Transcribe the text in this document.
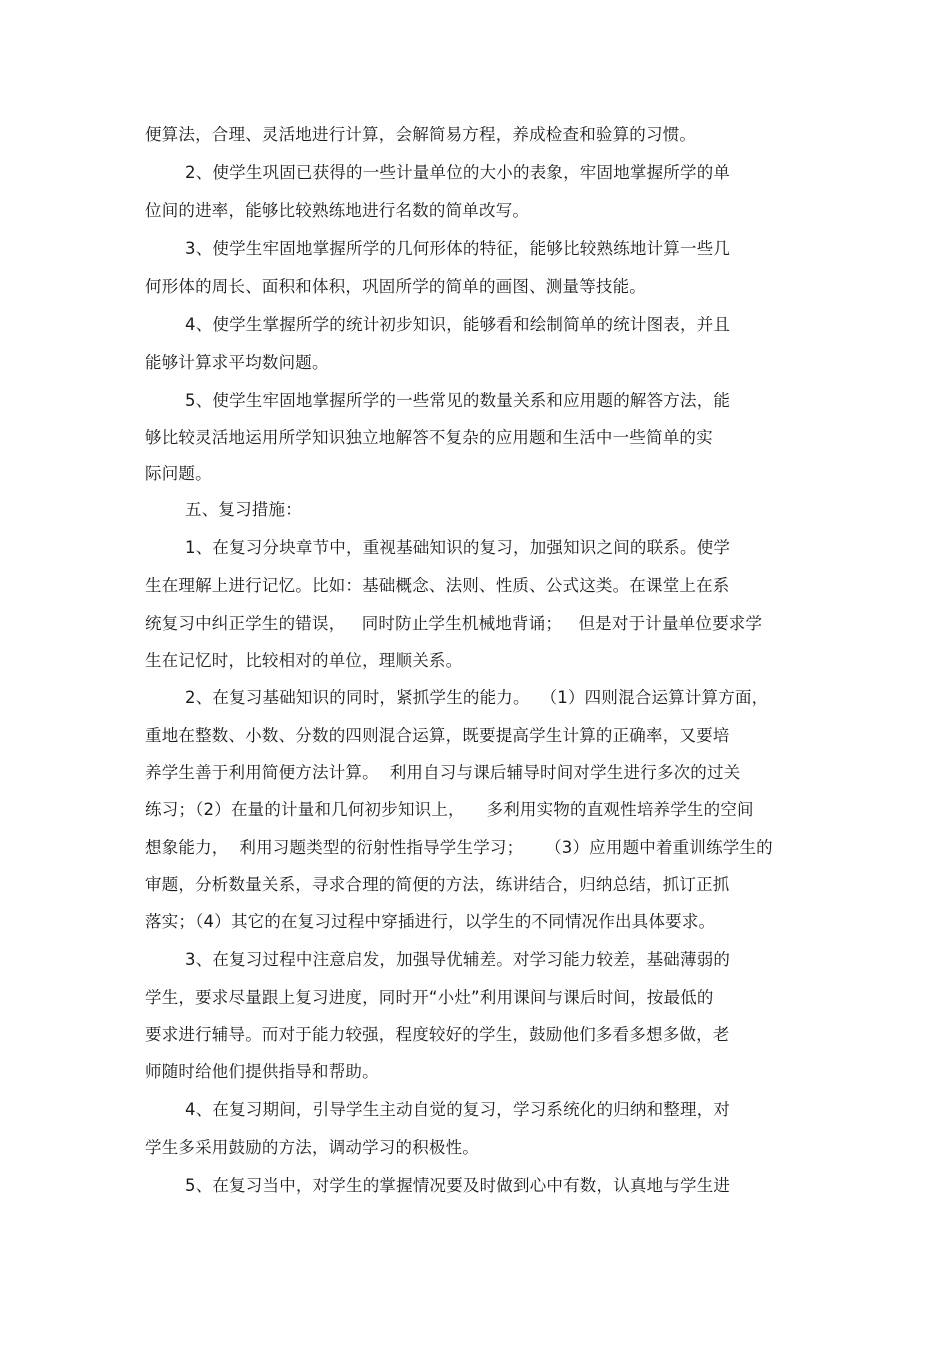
便算法，合理、灵活地进行计算，会解简易方程，养成检查和验算的习惯。
2、使学生巩固已获得的一些计量单位的大小的表象，牢固地掌握所学的单
位间的进率，能够比较熟练地进行名数的简单改写。
3、使学生牢固地掌握所学的几何形体的特征，能够比较熟练地计算一些几
何形体的周长、面积和体积，巩固所学的简单的画图、测量等技能。
4、使学生掌握所学的统计初步知识，能够看和绘制简单的统计图表，并且
能够计算求平均数问题。
5、使学生牢固地掌握所学的一些常见的数量关系和应用题的解答方法，能
够比较灵活地运用所学知识独立地解答不复杂的应用题和生活中一些简单的实
际问题。
五、复习措施：
1、在复习分块章节中，重视基础知识的复习，加强知识之间的联系。使学
生在理解上进行记忆。比如：基础概念、法则、性质、公式这类。在课堂上在系
统复习中纠正学生的错误，   同时防止学生机械地背诵；   但是对于计量单位要求学
生在记忆时，比较相对的单位，理顺关系。
2、在复习基础知识的同时，紧抓学生的能力。  （1）四则混合运算计算方面，
重地在整数、小数、分数的四则混合运算，既要提高学生计算的正确率，又要培
养学生善于利用简便方法计算。  利用自习与课后辅导时间对学生进行多次的过关
练习；（2）在量的计量和几何初步知识上，    多利用实物的直观性培养学生的空间
想象能力，  利用习题类型的衍射性指导学生学习；    （3）应用题中着重训练学生的
审题，分析数量关系，寻求合理的简便的方法，练讲结合，归纳总结，抓订正抓
落实；（4）其它的在复习过程中穿插进行，以学生的不同情况作出具体要求。
3、在复习过程中注意启发，加强导优辅差。对学习能力较差，基础薄弱的
学生，要求尽量跟上复习进度，同时开“小灶”利用课间与课后时间，按最低的
要求进行辅导。而对于能力较强，程度较好的学生，鼓励他们多看多想多做，老
师随时给他们提供指导和帮助。
4、在复习期间，引导学生主动自觉的复习，学习系统化的归纳和整理，对
学生多采用鼓励的方法，调动学习的积极性。
5、在复习当中，对学生的掌握情况要及时做到心中有数，认真地与学生进
